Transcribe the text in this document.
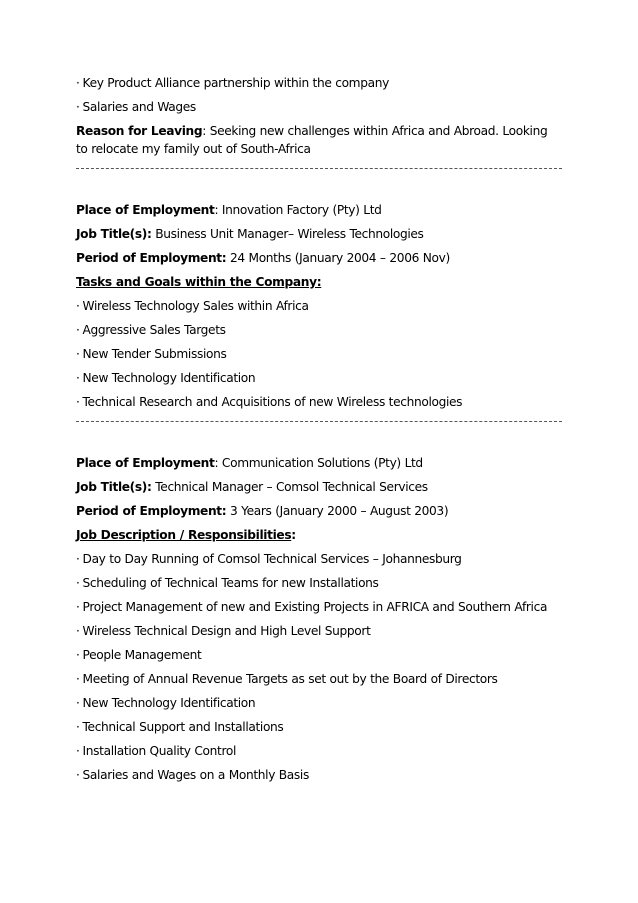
· Key Product Alliance partnership within the company
· Salaries and Wages
Reason for Leaving: Seeking new challenges within Africa and Abroad. Looking to relocate my family out of South-Africa
Place of Employment: Innovation Factory (Pty) Ltd
Job Title(s): Business Unit Manager– Wireless Technologies
Period of Employment: 24 Months (January 2004 – 2006 Nov)
Tasks and Goals within the Company:
· Wireless Technology Sales within Africa
· Aggressive Sales Targets
· New Tender Submissions
· New Technology Identification
· Technical Research and Acquisitions of new Wireless technologies
Place of Employment: Communication Solutions (Pty) Ltd
Job Title(s): Technical Manager – Comsol Technical Services
Period of Employment: 3 Years (January 2000 – August 2003)
Job Description / Responsibilities:
· Day to Day Running of Comsol Technical Services – Johannesburg
· Scheduling of Technical Teams for new Installations
· Project Management of new and Existing Projects in AFRICA and Southern Africa
· Wireless Technical Design and High Level Support
· People Management
· Meeting of Annual Revenue Targets as set out by the Board of Directors
· New Technology Identification
· Technical Support and Installations
· Installation Quality Control
· Salaries and Wages on a Monthly Basis
